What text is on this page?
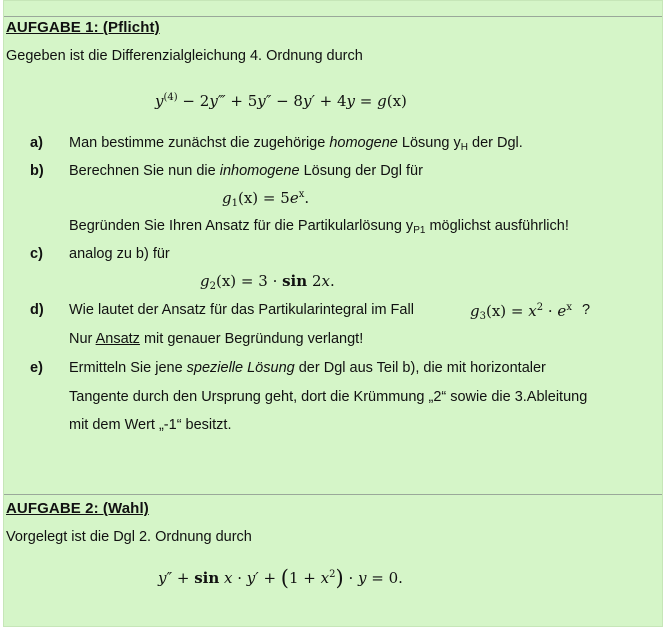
AUFGABE 1: (Pflicht)
Gegeben ist die Differenzialgleichung 4. Ordnung durch
$y^{(4)}$ − 2y‴ + 5y″ − 8y′ + 4y = g(x)
a) Man bestimme zunächst die zugehörige homogene Lösung $y_H$ der Dgl.
b) Berechnen Sie nun die inhomogene Lösung der Dgl für
$g_1(x) = 5e^x$.
Begründen Sie Ihren Ansatz für die Partikularlösung $y_{P1}$ möglichst ausführlich!
c) analog zu b) für
$g_2(x) = 3 \cdot \sin 2x$.
d) Wie lautet der Ansatz für das Partikularintegral im Fall	$g_3(x) = x^2 \cdot e^x$ ?
Nur Ansatz mit genauer Begründung verlangt!
e) Ermitteln Sie jene spezielle Lösung der Dgl aus Teil b), die mit horizontaler
Tangente durch den Ursprung geht, dort die Krümmung „2“ sowie die 3.Ableitung
mit dem Wert „-1“ besitzt.
AUFGABE 2: (Wahl)
Vorgelegt ist die Dgl 2. Ordnung durch
$y'' + \sin x \cdot y' + (1 + x^2) \cdot y = 0$.
